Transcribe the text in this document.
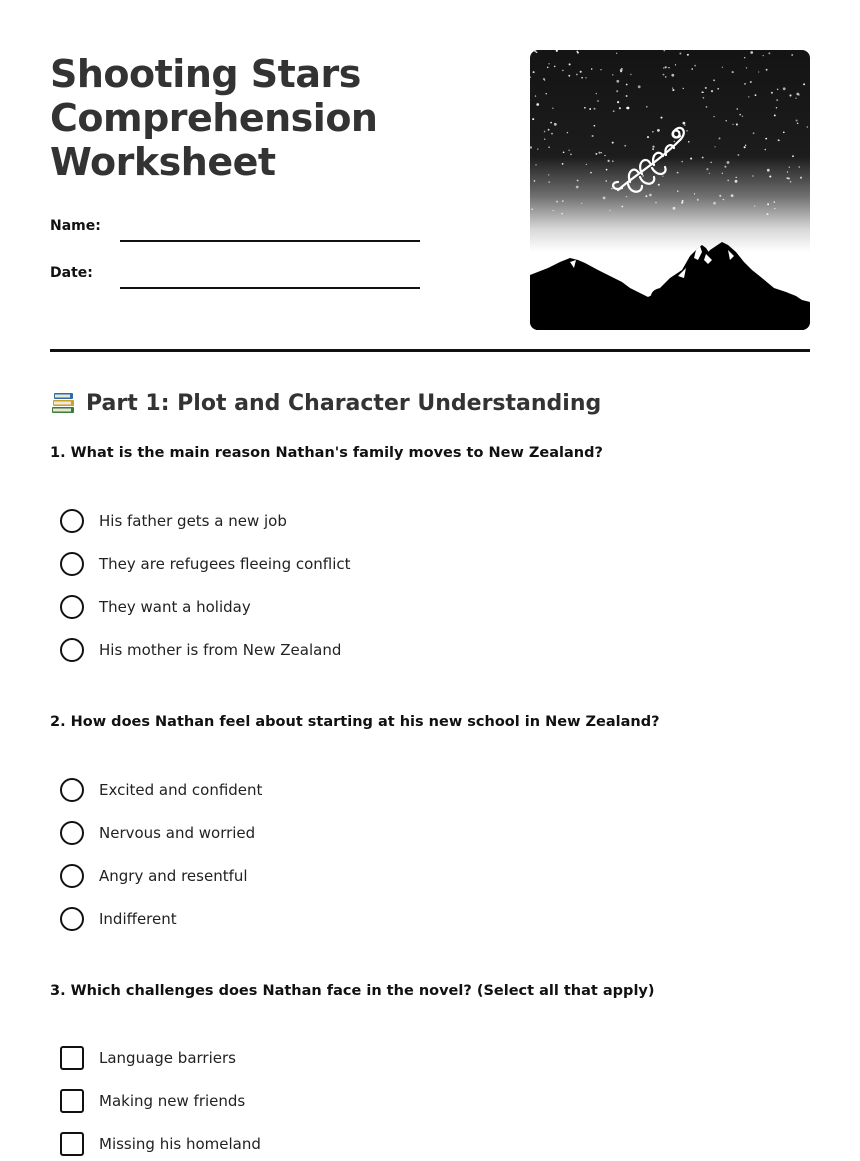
Shooting Stars
Comprehension
Worksheet
Name:
Date:
Part 1: Plot and Character Understanding
1. What is the main reason Nathan's family moves to New Zealand?
His father gets a new job
They are refugees fleeing conflict
They want a holiday
His mother is from New Zealand
2. How does Nathan feel about starting at his new school in New Zealand?
Excited and confident
Nervous and worried
Angry and resentful
Indifferent
3. Which challenges does Nathan face in the novel? (Select all that apply)
Language barriers
Making new friends
Missing his homeland
